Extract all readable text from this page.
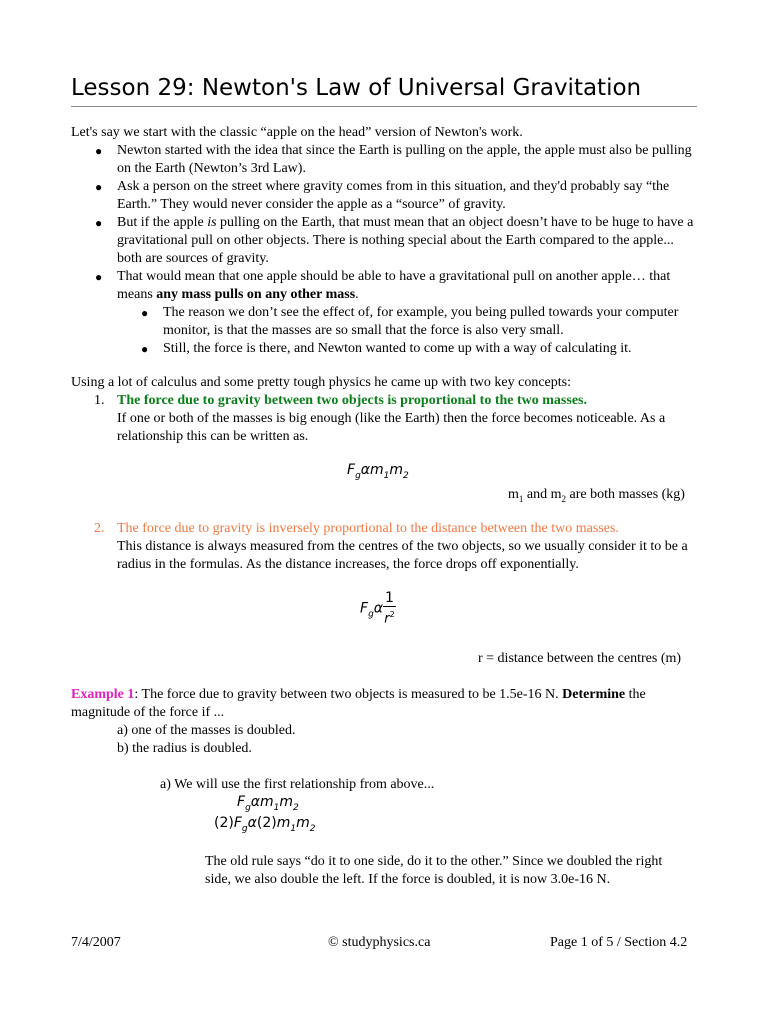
Lesson 29: Newton's Law of Universal Gravitation
Let's say we start with the classic “apple on the head” version of Newton's work.
● Newton started with the idea that since the Earth is pulling on the apple, the apple must also be pulling on the Earth (Newton’s 3rd Law).
● Ask a person on the street where gravity comes from in this situation, and they'd probably say “the Earth.” They would never consider the apple as a “source” of gravity.
● But if the apple is pulling on the Earth, that must mean that an object doesn’t have to be huge to have a gravitational pull on other objects. There is nothing special about the Earth compared to the apple... both are sources of gravity.
● That would mean that one apple should be able to have a gravitational pull on another apple… that means any mass pulls on any other mass.
● The reason we don’t see the effect of, for example, you being pulled towards your computer monitor, is that the masses are so small that the force is also very small.
● Still, the force is there, and Newton wanted to come up with a way of calculating it.
Using a lot of calculus and some pretty tough physics he came up with two key concepts:
1. The force due to gravity between two objects is proportional to the two masses.
If one or both of the masses is big enough (like the Earth) then the force becomes noticeable. As a relationship this can be written as.
$F_g\alpha m_1m_2$
$m_1$ and $m_2$ are both masses (kg)
2. The force due to gravity is inversely proportional to the distance between the two masses.
This distance is always measured from the centres of the two objects, so we usually consider it to be a radius in the formulas. As the distance increases, the force drops off exponentially.
$F_g\alpha \frac{1}{r^2}$
r = distance between the centres (m)
Example 1: The force due to gravity between two objects is measured to be 1.5e-16 N. Determine the magnitude of the force if ...
a) one of the masses is doubled.
b) the radius is doubled.
a) We will use the first relationship from above...
$F_g\alpha m_1m_2$
$(2)F_g\alpha(2)m_1m_2$
The old rule says “do it to one side, do it to the other.” Since we doubled the right side, we also double the left. If the force is doubled, it is now 3.0e-16 N.
7/4/2007	© studyphysics.ca	Page 1 of 5 / Section 4.2
